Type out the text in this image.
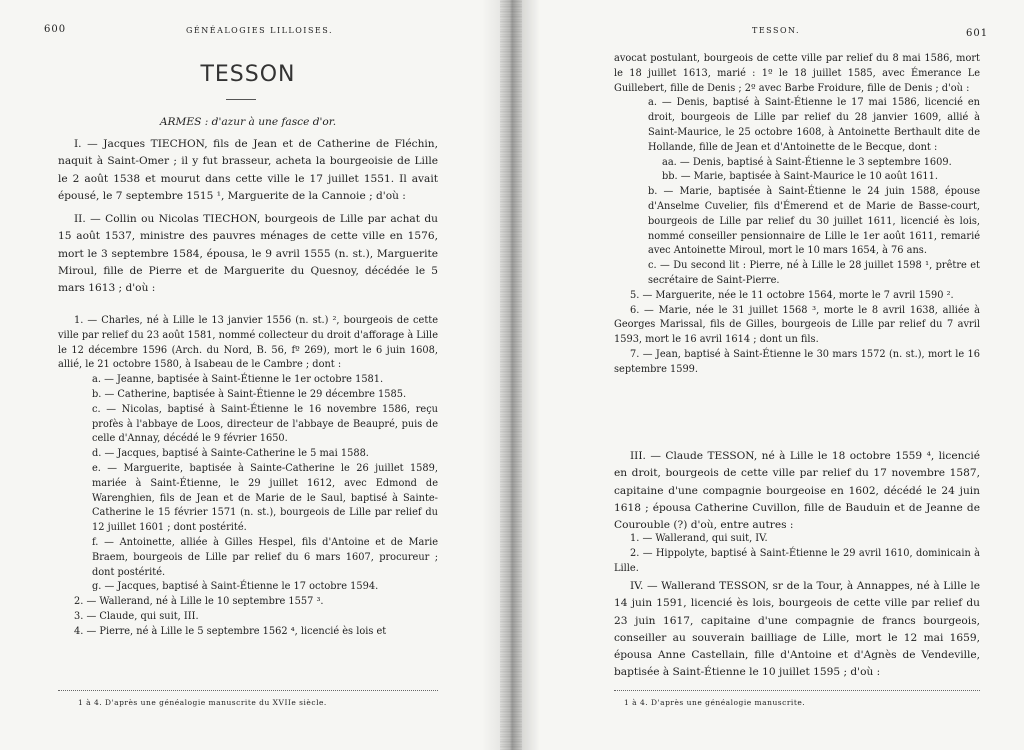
600	GÉNÉALOGIES LILLOISES.
TESSON
ARMES : d'azur à une fasce d'or.

I. — Jacques TIECHON, fils de Jean et de Catherine de Fléchin, naquit à Saint-Omer ; il y fut brasseur, acheta la bourgeoisie de Lille le 2 août 1538 et mourut dans cette ville le 17 juillet 1551. Il avait épousé, le 7 septembre 1515 ¹, Marguerite de la Cannoie ; d'où :

II. — Collin ou Nicolas TIECHON, bourgeois de Lille par achat du 15 août 1537, ministre des pauvres ménages de cette ville en 1576, mort le 3 septembre 1584, épousa, le 9 avril 1555 (n. st.), Marguerite Miroul, fille de Pierre et de Marguerite du Quesnoy, décédée le 5 mars 1613 ; d'où :

1. — Charles, né à Lille le 13 janvier 1556 (n. st.) ², bourgeois de cette ville par relief du 23 août 1581, nommé collecteur du droit d'afforage à Lille le 12 décembre 1596 (Arch. du Nord, B. 56, fº 269), mort le 6 juin 1608, allié, le 21 octobre 1580, à Isabeau de le Cambre ; dont :

a. — Jeanne, baptisée à Saint-Étienne le 1er octobre 1581.

b. — Catherine, baptisée à Saint-Étienne le 29 décembre 1585.

c. — Nicolas, baptisé à Saint-Étienne le 16 novembre 1586, reçu profès à l'abbaye de Loos, directeur de l'abbaye de Beaupré, puis de celle d'Annay, décédé le 9 février 1650.

d. — Jacques, baptisé à Sainte-Catherine le 5 mai 1588.

e. — Marguerite, baptisée à Sainte-Catherine le 26 juillet 1589, mariée à Saint-Étienne, le 29 juillet 1612, avec Edmond de Warenghien, fils de Jean et de Marie de le Saul, baptisé à Sainte-Catherine le 15 février 1571 (n. st.), bourgeois de Lille par relief du 12 juillet 1601 ; dont postérité.

f. — Antoinette, alliée à Gilles Hespel, fils d'Antoine et de Marie Braem, bourgeois de Lille par relief du 6 mars 1607, procureur ; dont postérité.

g. — Jacques, baptisé à Saint-Étienne le 17 octobre 1594.

2. — Wallerand, né à Lille le 10 septembre 1557 ³.

3. — Claude, qui suit, III.

4. — Pierre, né à Lille le 5 septembre 1562 ⁴, licencié ès lois et

1 à 4. D'après une généalogie manuscrite du XVIIe siècle.
TESSON.	601

avocat postulant, bourgeois de cette ville par relief du 8 mai 1586, mort le 18 juillet 1613, marié : 1º le 18 juillet 1585, avec Émerance Le Guillebert, fille de Denis ; 2º avec Barbe Froidure, fille de Denis ; d'où :

a. — Denis, baptisé à Saint-Étienne le 17 mai 1586, licencié en droit, bourgeois de Lille par relief du 28 janvier 1609, allié à Saint-Maurice, le 25 octobre 1608, à Antoinette Berthault dite de Hollande, fille de Jean et d'Antoinette de le Becque, dont :

aa. — Denis, baptisé à Saint-Étienne le 3 septembre 1609.

bb. — Marie, baptisée à Saint-Maurice le 10 août 1611.

b. — Marie, baptisée à Saint-Étienne le 24 juin 1588, épouse d'Anselme Cuvelier, fils d'Émerend et de Marie de Basse-court, bourgeois de Lille par relief du 30 juillet 1611, licencié ès lois, nommé conseiller pensionnaire de Lille le 1er août 1611, remarié avec Antoinette Miroul, mort le 10 mars 1654, à 76 ans.

c. — Du second lit : Pierre, né à Lille le 28 juillet 1598 ¹, prêtre et secrétaire de Saint-Pierre.

5. — Marguerite, née le 11 octobre 1564, morte le 7 avril 1590 ².

6. — Marie, née le 31 juillet 1568 ³, morte le 8 avril 1638, alliée à Georges Marissal, fils de Gilles, bourgeois de Lille par relief du 7 avril 1593, mort le 16 avril 1614 ; dont un fils.

7. — Jean, baptisé à Saint-Étienne le 30 mars 1572 (n. st.), mort le 16 septembre 1599.

III. — Claude TESSON, né à Lille le 18 octobre 1559 ⁴, licencié en droit, bourgeois de cette ville par relief du 17 novembre 1587, capitaine d'une compagnie bourgeoise en 1602, décédé le 24 juin 1618 ; épousa Catherine Cuvillon, fille de Bauduin et de Jeanne de Courouble (?) d'où, entre autres :

1. — Wallerand, qui suit, IV.

2. — Hippolyte, baptisé à Saint-Étienne le 29 avril 1610, dominicain à Lille.

IV. — Wallerand TESSON, sr de la Tour, à Annappes, né à Lille le 14 juin 1591, licencié ès lois, bourgeois de cette ville par relief du 23 juin 1617, capitaine d'une compagnie de francs bourgeois, conseiller au souverain bailliage de Lille, mort le 12 mai 1659, épousa Anne Castellain, fille d'Antoine et d'Agnès de Vendeville, baptisée à Saint-Étienne le 10 juillet 1595 ; d'où :

1 à 4. D'après une généalogie manuscrite.
